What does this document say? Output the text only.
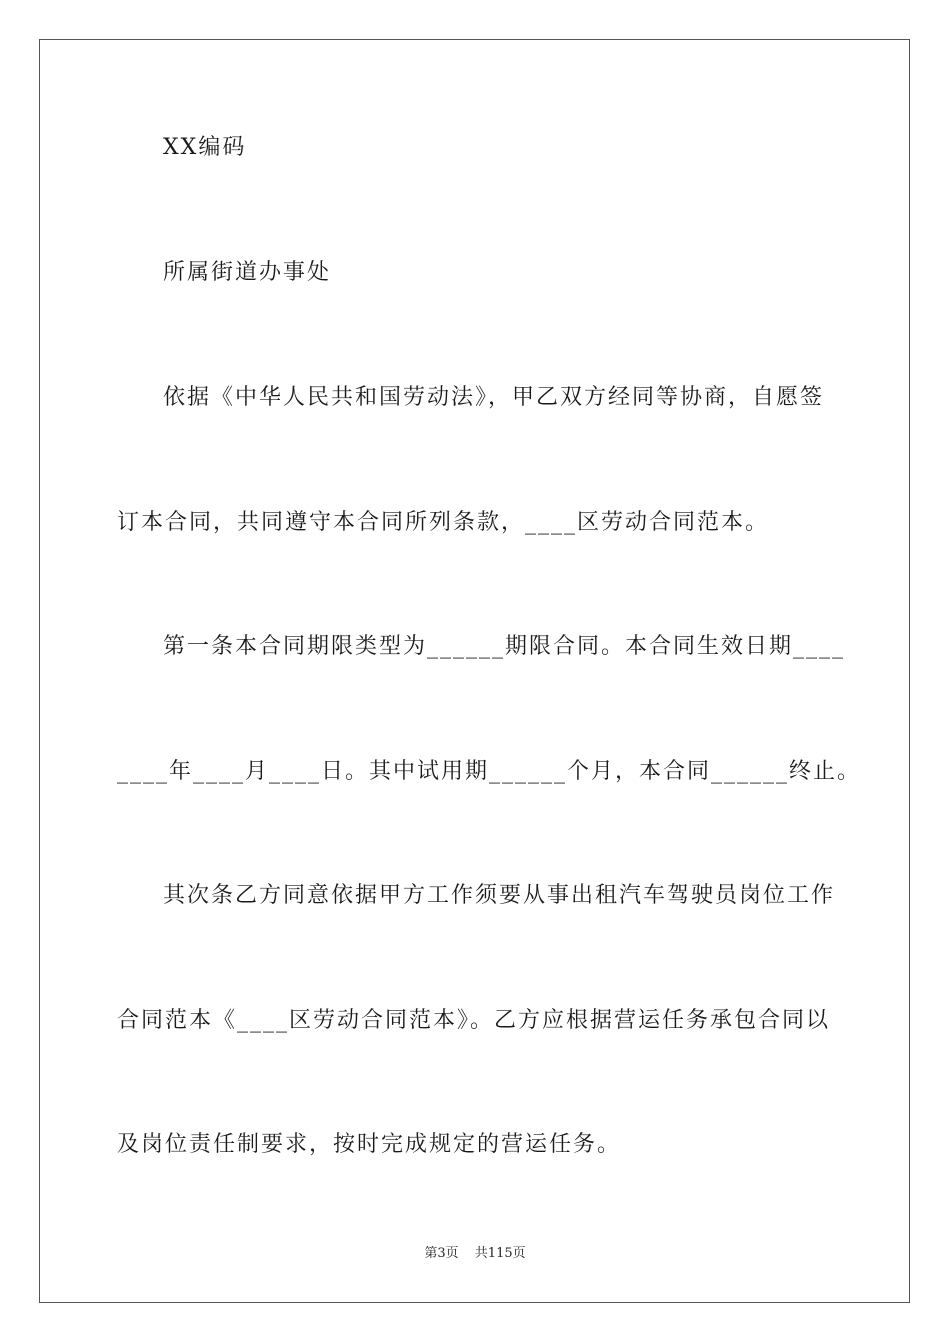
XX编码
所属街道办事处
依据《中华人民共和国劳动法》，甲乙双方经同等协商，自愿签
订本合同，共同遵守本合同所列条款，____区劳动合同范本。
第一条本合同期限类型为______期限合同。本合同生效日期____
____年____月____日。其中试用期______个月，本合同______终止。
其次条乙方同意依据甲方工作须要从事出租汽车驾驶员岗位工作
合同范本《____区劳动合同范本》。乙方应根据营运任务承包合同以
及岗位责任制要求，按时完成规定的营运任务。
第3页 共115页
